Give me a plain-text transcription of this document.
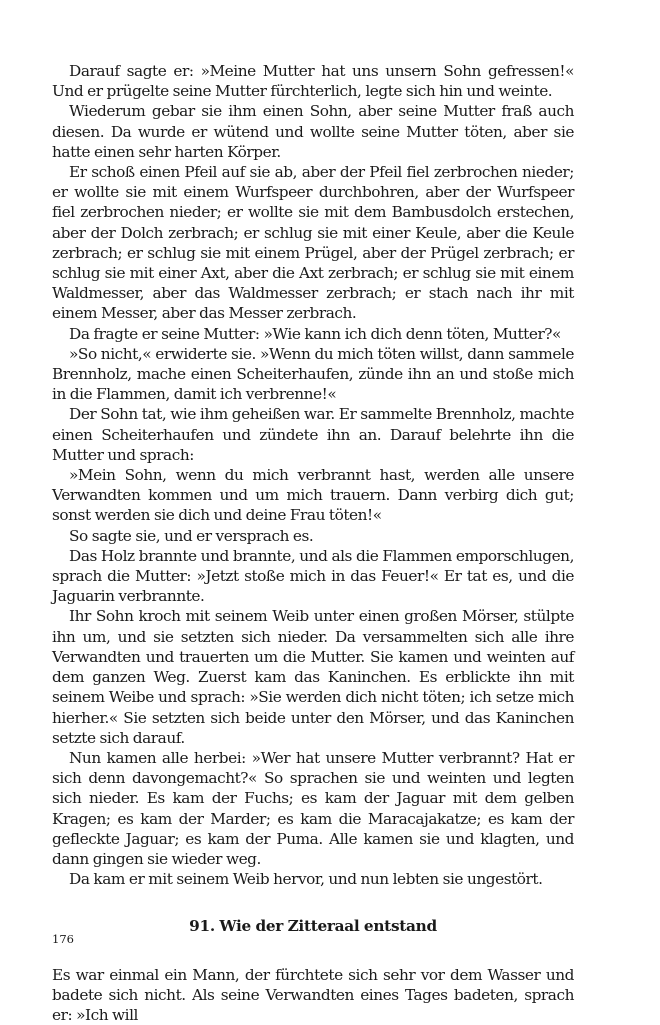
Darauf sagte er: »Meine Mutter hat uns unsern Sohn gefressen!« Und er prügelte seine Mutter fürchterlich, legte sich hin und weinte.

Wiederum gebar sie ihm einen Sohn, aber seine Mutter fraß auch diesen. Da wurde er wütend und wollte seine Mutter töten, aber sie hatte einen sehr harten Körper.

Er schoß einen Pfeil auf sie ab, aber der Pfeil fiel zerbrochen nieder; er wollte sie mit einem Wurfspeer durchbohren, aber der Wurfspeer fiel zerbrochen nieder; er wollte sie mit dem Bambusdolch erstechen, aber der Dolch zerbrach; er schlug sie mit einer Keule, aber die Keule zerbrach; er schlug sie mit einem Prügel, aber der Prügel zerbrach; er schlug sie mit einer Axt, aber die Axt zerbrach; er schlug sie mit einem Waldmesser, aber das Waldmesser zerbrach; er stach nach ihr mit einem Messer, aber das Messer zerbrach.

Da fragte er seine Mutter: »Wie kann ich dich denn töten, Mutter?«

»So nicht,« erwiderte sie. »Wenn du mich töten willst, dann sammele Brennholz, mache einen Scheiterhaufen, zünde ihn an und stoße mich in die Flammen, damit ich verbrenne!«

Der Sohn tat, wie ihm geheißen war. Er sammelte Brennholz, machte einen Scheiterhaufen und zündete ihn an. Darauf belehrte ihn die Mutter und sprach:

»Mein Sohn, wenn du mich verbrannt hast, werden alle unsere Verwandten kommen und um mich trauern. Dann verbirg dich gut; sonst werden sie dich und deine Frau töten!«

So sagte sie, und er versprach es.

Das Holz brannte und brannte, und als die Flammen emporschlugen, sprach die Mutter: »Jetzt stoße mich in das Feuer!« Er tat es, und die Jaguarin verbrannte.

Ihr Sohn kroch mit seinem Weib unter einen großen Mörser, stülpte ihn um, und sie setzten sich nieder. Da versammelten sich alle ihre Verwandten und trauerten um die Mutter. Sie kamen und weinten auf dem ganzen Weg. Zuerst kam das Kaninchen. Es erblickte ihn mit seinem Weibe und sprach: »Sie werden dich nicht töten; ich setze mich hierher.« Sie setzten sich beide unter den Mörser, und das Kaninchen setzte sich darauf.

Nun kamen alle herbei: »Wer hat unsere Mutter verbrannt? Hat er sich denn davongemacht?« So sprachen sie und weinten und legten sich nieder. Es kam der Fuchs; es kam der Jaguar mit dem gelben Kragen; es kam der Marder; es kam die Maracajakatze; es kam der gefleckte Jaguar; es kam der Puma. Alle kamen sie und klagten, und dann gingen sie wieder weg.

Da kam er mit seinem Weib hervor, und nun lebten sie ungestört.

91. Wie der Zitteraal entstand

Es war einmal ein Mann, der fürchtete sich sehr vor dem Wasser und badete sich nicht. Als seine Verwandten eines Tages badeten, sprach er: »Ich will

176
